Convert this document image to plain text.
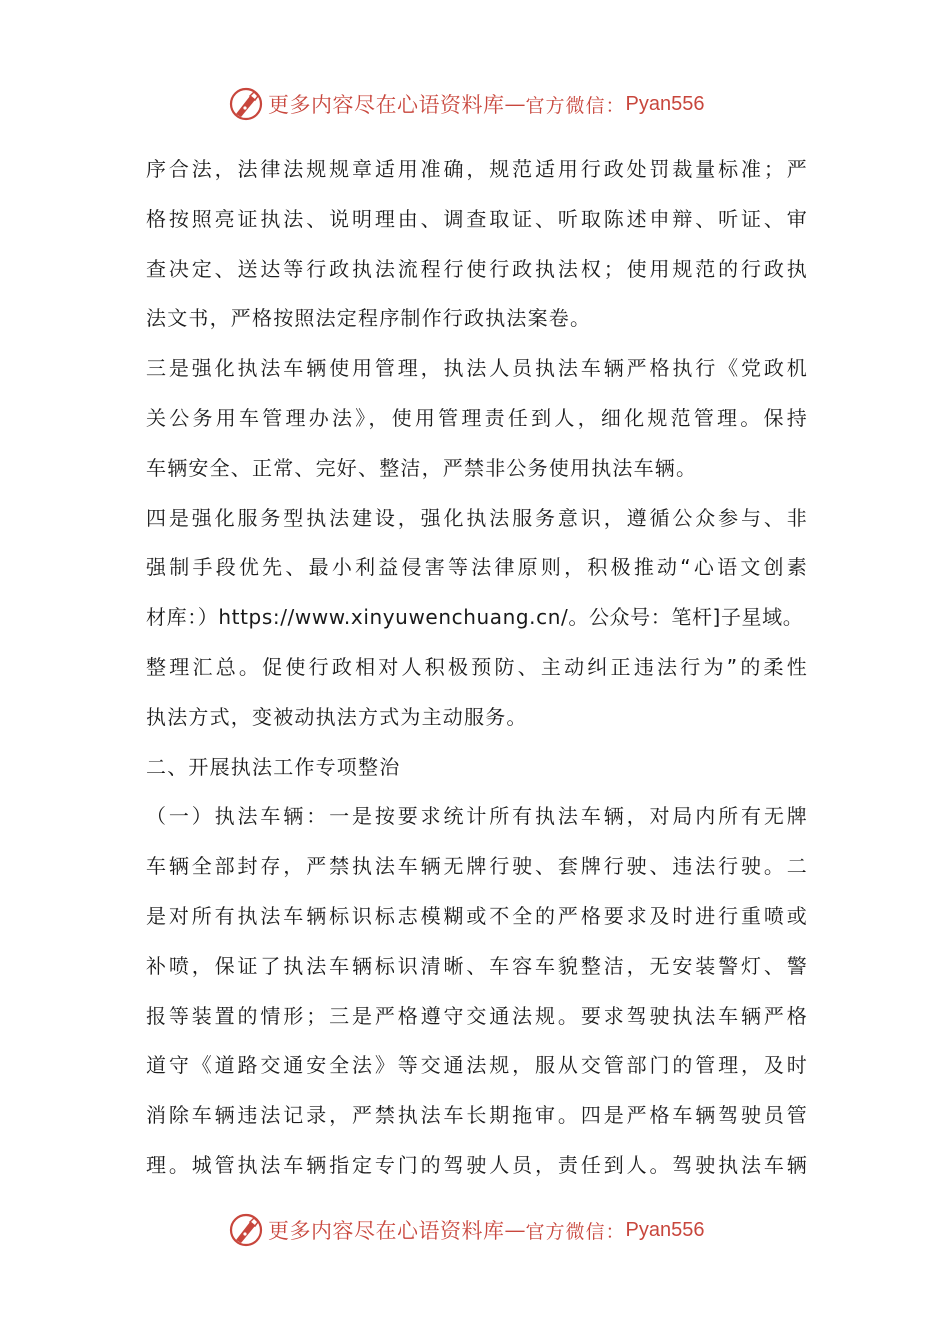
更多内容尽在心语资料库 — 官方微信： Pyan556
序合法，法律法规规章适用准确，规范适用行政处罚裁量标准；严
格按照亮证执法、说明理由、调查取证、听取陈述申辩、听证、审
查决定、送达等行政执法流程行使行政执法权；使用规范的行政执
法文书，严格按照法定程序制作行政执法案卷。
三是强化执法车辆使用管理，执法人员执法车辆严格执行《党政机
关公务用车管理办法》，使用管理责任到人，细化规范管理。保持
车辆安全、正常、完好、整洁，严禁非公务使用执法车辆。
四是强化服务型执法建设，强化执法服务意识，遵循公众参与、非
强制手段优先、最小利益侵害等法律原则，积极推动“心语文创素
材库：）https://www.xinyuwenchuang.cn/。公众号：笔杆]子星域。
整理汇总。促使行政相对人积极预防、主动纠正违法行为”的柔性
执法方式，变被动执法方式为主动服务。
二、开展执法工作专项整治
（一）执法车辆：一是按要求统计所有执法车辆，对局内所有无牌
车辆全部封存，严禁执法车辆无牌行驶、套牌行驶、违法行驶。二
是对所有执法车辆标识标志模糊或不全的严格要求及时进行重喷或
补喷，保证了执法车辆标识清晰、车容车貌整洁，无安装警灯、警
报等装置的情形；三是严格遵守交通法规。要求驾驶执法车辆严格
道守《道路交通安全法》等交通法规，服从交管部门的管理，及时
消除车辆违法记录，严禁执法车长期拖审。四是严格车辆驾驶员管
理。城管执法车辆指定专门的驾驶人员，责任到人。驾驶执法车辆
更多内容尽在心语资料库 — 官方微信： Pyan556
